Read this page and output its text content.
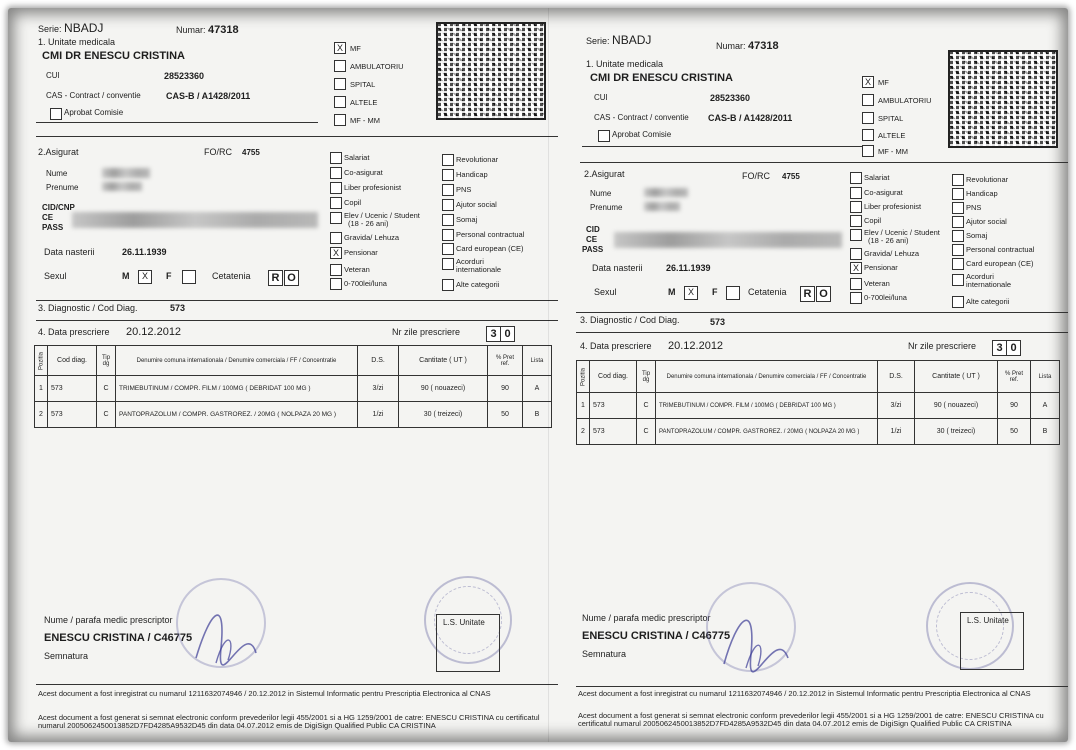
Serie: NBADJ	Numar: 47318
1. Unitate medicala
CMI DR ENESCU CRISTINA
CUI	28523360
CAS - Contract / conventie	CAS-B / A1428/2011
Aprobat Comisie
X MF
AMBULATORIU
SPITAL
ALTELE
MF - MM
2.Asigurat	FO/RC 4755
Nume
Prenume
CID/CNP
CE
PASS
Data nasterii	26.11.1939
Sexul	M	X	F	Cetatenia	R O
Salariat
Co-asigurat
Liber profesionist
Copil
Elev / Ucenic / Student
(18 - 26 ani)
Gravida/ Lehuza
X Pensionar
Veteran
0-700lei/luna
Revolutionar
Handicap
PNS
Ajutor social
Somaj
Personal contractual
Card european (CE)
Acorduri
internationale
Alte categorii
3. Diagnostic / Cod Diag.	573
4. Data prescriere 20.12.2012	Nr zile prescriere	3 0
Pozitia	Cod diag.	Tip dg	Denumire comuna internationala / Denumire comerciala / FF / Concentratie	D.S.	Cantitate ( UT )	% Pret ref.	Lista
1	573	C	TRIMEBUTINUM / COMPR. FILM / 100MG ( DEBRIDAT 100 MG )	3/zi	90 ( nouazeci)	90	A
2	573	C	PANTOPRAZOLUM / COMPR. GASTROREZ. / 20MG ( NOLPAZA 20 MG )	1/zi	30 ( treizeci)	50	B
Nume / parafa medic prescriptor
ENESCU CRISTINA / C46775
Semnatura
L.S. Unitate
Acest document a fost inregistrat cu numarul 1211632074946 / 20.12.2012 in Sistemul Informatic pentru Prescriptia Electronica al CNAS
Acest document a fost generat si semnat electronic conform prevederilor legii 455/2001 si a HG 1259/2001 de catre: ENESCU CRISTINA cu certificatul numarul 2005062450013852D7FD4285A9532D45 din data 04.07.2012 emis de DigiSign Qualified Public CA CRISTINA
Serie: NBADJ	Numar: 47318
1. Unitate medicala
CMI DR ENESCU CRISTINA
CUI	28523360
CAS - Contract / conventie CAS-B / A1428/2011
Aprobat Comisie
X MF
AMBULATORIU
SPITAL
ALTELE
MF - MM
2.Asigurat	FO/RC 4755
Nume
Prenume
CID
CE
PASS
Data nasterii	26.11.1939
Sexul	M	X	F	Cetatenia	R O
Salariat
Co-asigurat
Liber profesionist
Copil
Elev / Ucenic / Student
(18 - 26 ani)
Gravida/ Lehuza
X Pensionar
Veteran
0-700lei/luna
Revolutionar
Handicap
PNS
Ajutor social
Somaj
Personal contractual
Card european (CE)
Acorduri
internationale
Alte categorii
3. Diagnostic / Cod Diag.	573
4. Data prescriere 20.12.2012	Nr zile prescriere	3 0
Pozitia	Cod diag.	Tip dg	Denumire comuna internationala / Denumire comerciala / FF / Concentratie	D.S.	Cantitate ( UT )	% Pret ref.	Lista
1	573	C	TRIMEBUTINUM / COMPR. FILM / 100MG ( DEBRIDAT 100 MG )	3/zi	90 ( nouazeci)	90	A
2	573	C	PANTOPRAZOLUM / COMPR. GASTROREZ. / 20MG ( NOLPAZA 20 MG )	1/zi	30 ( treizeci)	50	B
Nume / parafa medic prescriptor
ENESCU CRISTINA / C46775
Semnatura
L.S. Unitate
Acest document a fost inregistrat cu numarul 1211632074946 / 20.12.2012 in Sistemul Informatic pentru Prescriptia Electronica al CNAS
Acest document a fost generat si semnat electronic conform prevederilor legii 455/2001 si a HG 1259/2001 de catre: ENESCU CRISTINA cu certificatul numarul 2005062450013852D7FD4285A9532D45 din data 04.07.2012 emis de DigiSign Qualified Public CA CRISTINA
